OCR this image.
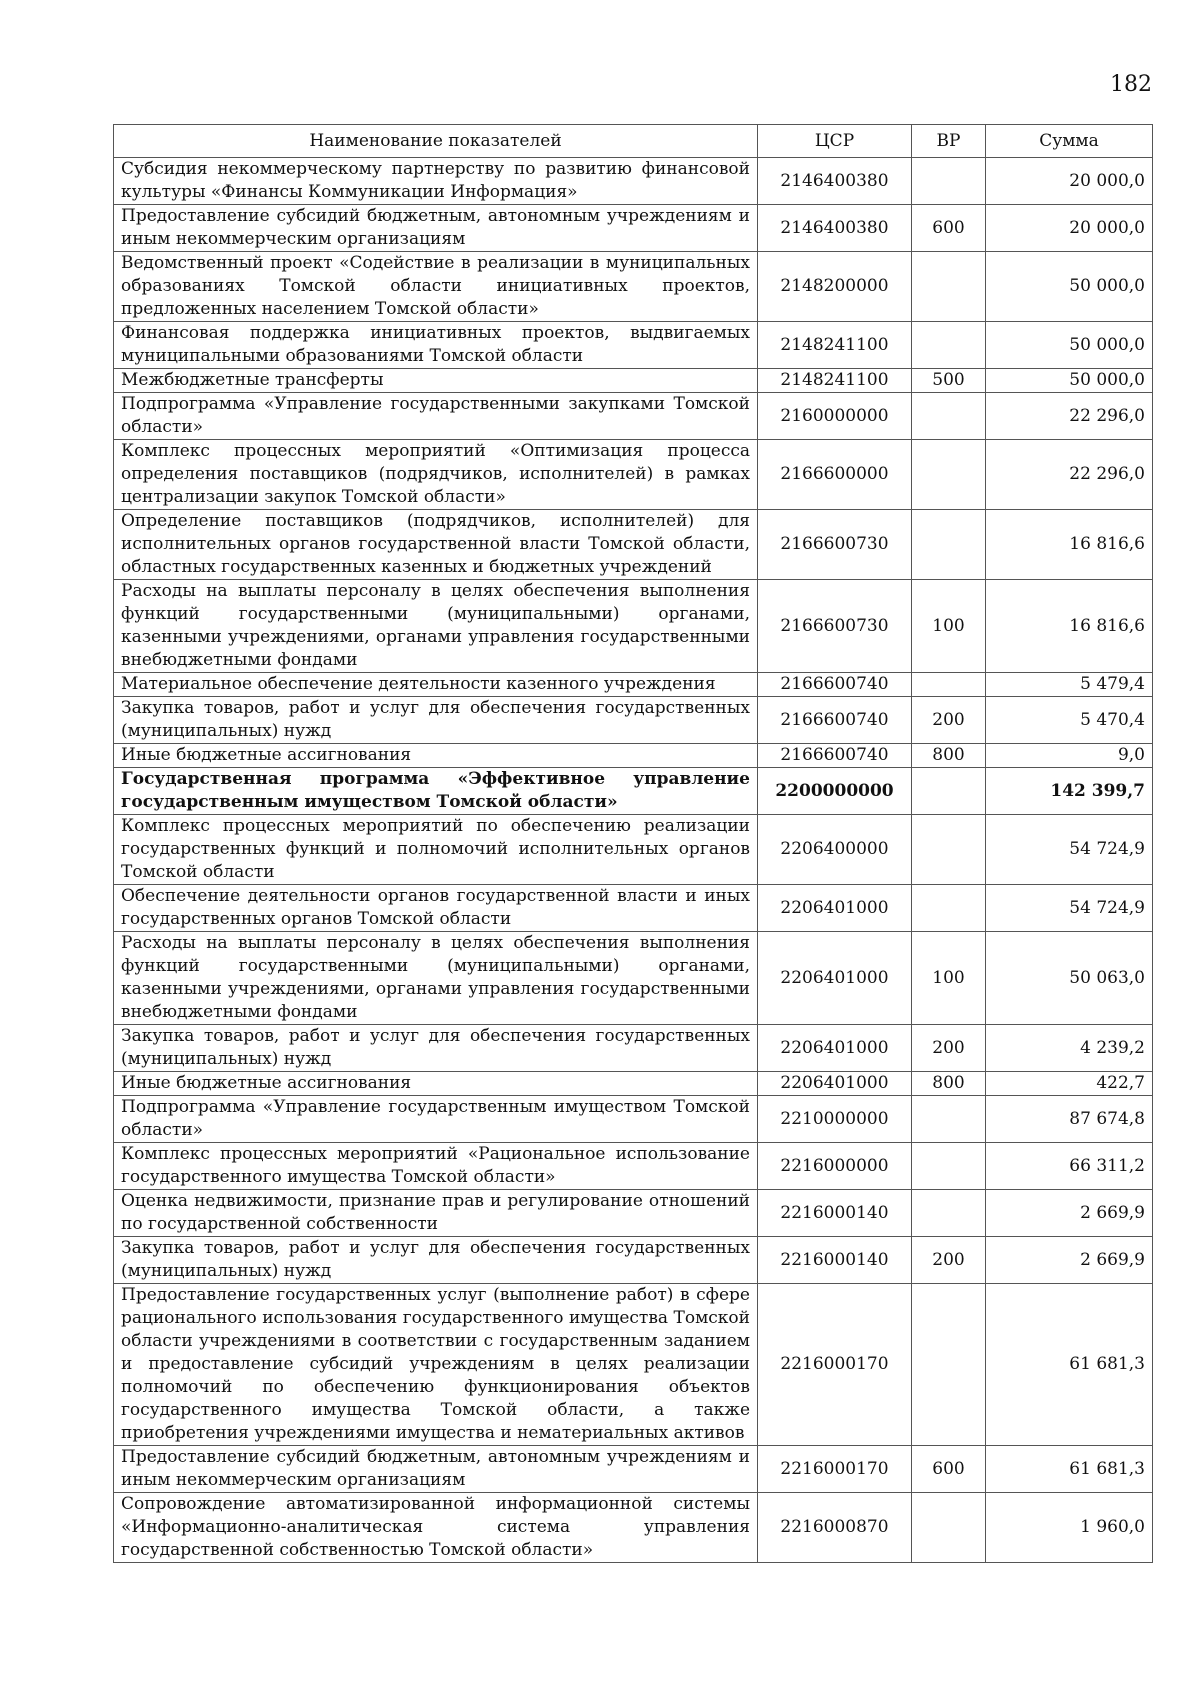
182
Наименование показателей	ЦСР	ВР	Сумма
Субсидия некоммерческому партнерству по развитию финансовой культуры «Финансы Коммуникации Информация»	2146400380		20 000,0
Предоставление субсидий бюджетным, автономным учреждениям и иным некоммерческим организациям	2146400380	600	20 000,0
Ведомственный проект «Содействие в реализации в муниципальных образованиях Томской области инициативных проектов, предложенных населением Томской области»	2148200000		50 000,0
Финансовая поддержка инициативных проектов, выдвигаемых муниципальными образованиями Томской области	2148241100		50 000,0
Межбюджетные трансферты	2148241100	500	50 000,0
Подпрограмма «Управление государственными закупками Томской области»	2160000000		22 296,0
Комплекс процессных мероприятий «Оптимизация процесса определения поставщиков (подрядчиков, исполнителей) в рамках централизации закупок Томской области»	2166600000		22 296,0
Определение поставщиков (подрядчиков, исполнителей) для исполнительных органов государственной власти Томской области, областных государственных казенных и бюджетных учреждений	2166600730		16 816,6
Расходы на выплаты персоналу в целях обеспечения выполнения функций государственными (муниципальными) органами, казенными учреждениями, органами управления государственными внебюджетными фондами	2166600730	100	16 816,6
Материальное обеспечение деятельности казенного учреждения	2166600740		5 479,4
Закупка товаров, работ и услуг для обеспечения государственных (муниципальных) нужд	2166600740	200	5 470,4
Иные бюджетные ассигнования	2166600740	800	9,0
Государственная программа «Эффективное управление государственным имуществом Томской области»	2200000000		142 399,7
Комплекс процессных мероприятий по обеспечению реализации государственных функций и полномочий исполнительных органов Томской области	2206400000		54 724,9
Обеспечение деятельности органов государственной власти и иных государственных органов Томской области	2206401000		54 724,9
Расходы на выплаты персоналу в целях обеспечения выполнения функций государственными (муниципальными) органами, казенными учреждениями, органами управления государственными внебюджетными фондами	2206401000	100	50 063,0
Закупка товаров, работ и услуг для обеспечения государственных (муниципальных) нужд	2206401000	200	4 239,2
Иные бюджетные ассигнования	2206401000	800	422,7
Подпрограмма «Управление государственным имуществом Томской области»	2210000000		87 674,8
Комплекс процессных мероприятий «Рациональное использование государственного имущества Томской области»	2216000000		66 311,2
Оценка недвижимости, признание прав и регулирование отношений по государственной собственности	2216000140		2 669,9
Закупка товаров, работ и услуг для обеспечения государственных (муниципальных) нужд	2216000140	200	2 669,9
Предоставление государственных услуг (выполнение работ) в сфере рационального использования государственного имущества Томской области учреждениями в соответствии с государственным заданием и предоставление субсидий учреждениям в целях реализации полномочий по обеспечению функционирования объектов государственного имущества Томской области, а также приобретения учреждениями имущества и нематериальных активов	2216000170		61 681,3
Предоставление субсидий бюджетным, автономным учреждениям и иным некоммерческим организациям	2216000170	600	61 681,3
Сопровождение автоматизированной информационной системы «Информационно-аналитическая система управления государственной собственностью Томской области»	2216000870		1 960,0
